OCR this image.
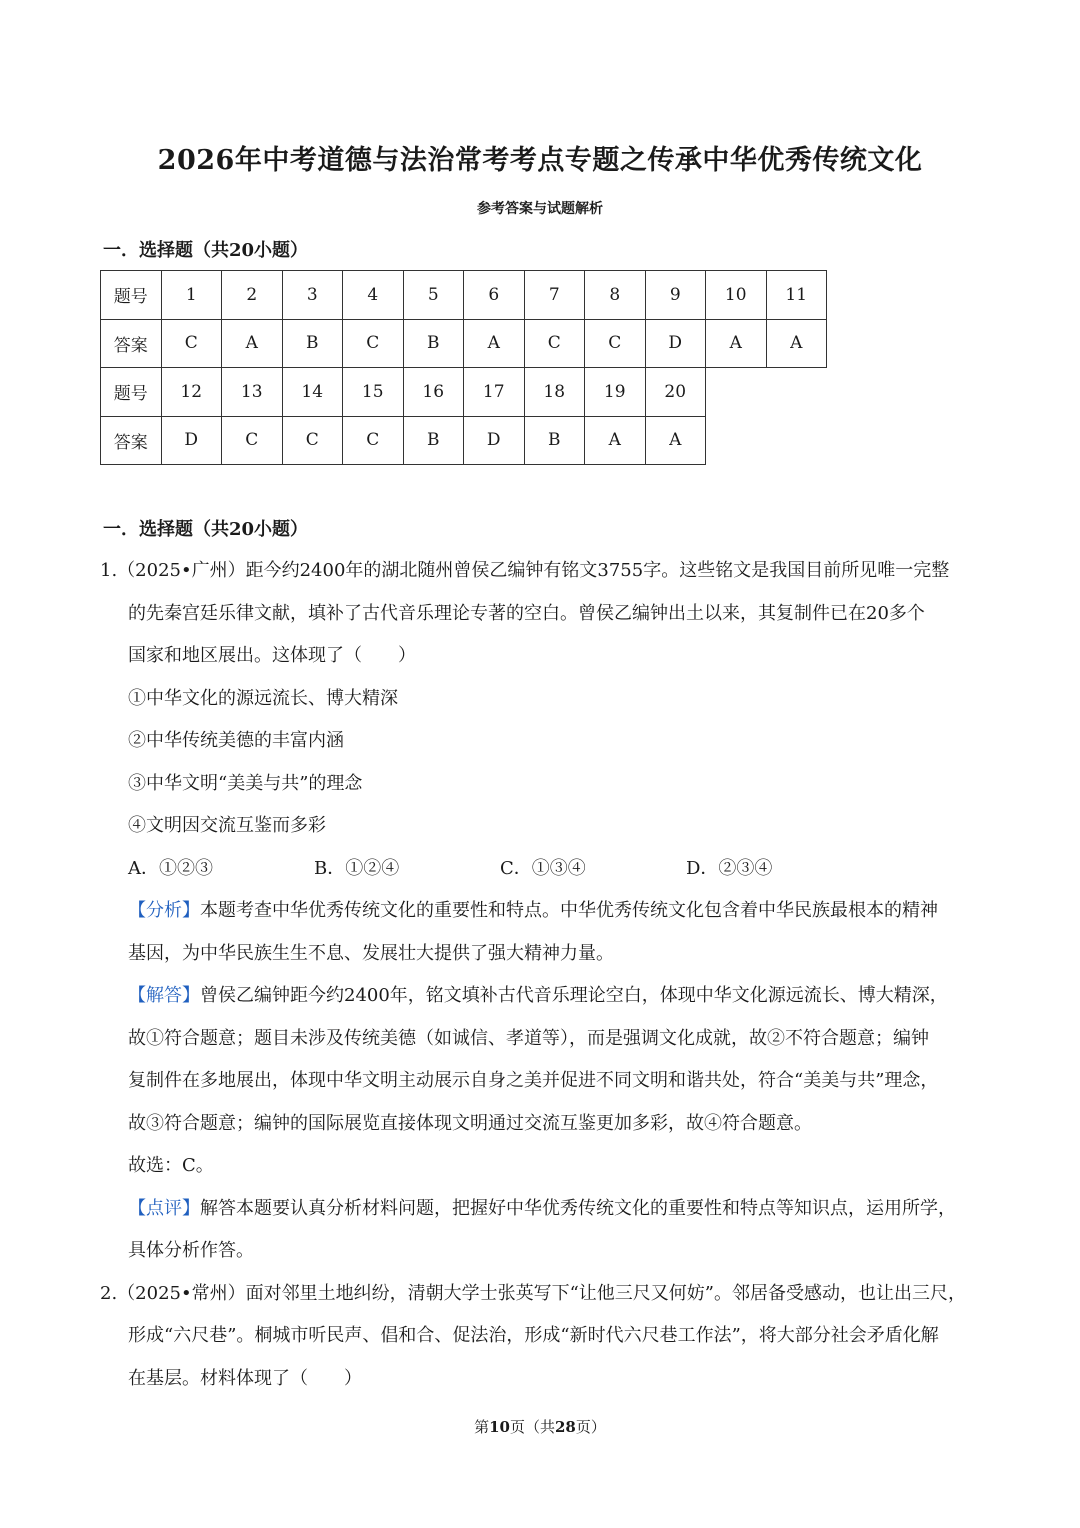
2026年中考道德与法治常考考点专题之传承中华优秀传统文化
参考答案与试题解析
一．选择题（共20小题）
题号	1	2	3	4	5	6	7	8	9	10	11
答案	C	A	B	C	B	A	C	C	D	A	A
题号	12	13	14	15	16	17	18	19	20		
答案	D	C	C	C	B	D	B	A	A		
一．选择题（共20小题）
1.（2025•广州）距今约2400年的湖北随州曾侯乙编钟有铭文3755字。这些铭文是我国目前所见唯一完整
的先秦宫廷乐律文献，填补了古代音乐理论专著的空白。曾侯乙编钟出土以来，其复制件已在20多个
国家和地区展出。这体现了（　　）
①中华文化的源远流长、博大精深
②中华传统美德的丰富内涵
③中华文明“美美与共”的理念
④文明因交流互鉴而多彩
A．①②③	B．①②④	C．①③④	D．②③④
【分析】本题考查中华优秀传统文化的重要性和特点。中华优秀传统文化包含着中华民族最根本的精神
基因，为中华民族生生不息、发展壮大提供了强大精神力量。
【解答】曾侯乙编钟距今约2400年，铭文填补古代音乐理论空白，体现中华文化源远流长、博大精深，
故①符合题意；题目未涉及传统美德（如诚信、孝道等），而是强调文化成就，故②不符合题意；编钟
复制件在多地展出，体现中华文明主动展示自身之美并促进不同文明和谐共处，符合“美美与共”理念，
故③符合题意；编钟的国际展览直接体现文明通过交流互鉴更加多彩，故④符合题意。
故选：C。
【点评】解答本题要认真分析材料问题，把握好中华优秀传统文化的重要性和特点等知识点，运用所学，
具体分析作答。
2.（2025•常州）面对邻里土地纠纷，清朝大学士张英写下“让他三尺又何妨”。邻居备受感动，也让出三尺，
形成“六尺巷”。桐城市听民声、倡和合、促法治，形成“新时代六尺巷工作法”，将大部分社会矛盾化解
在基层。材料体现了（　　）
第10页（共28页）
